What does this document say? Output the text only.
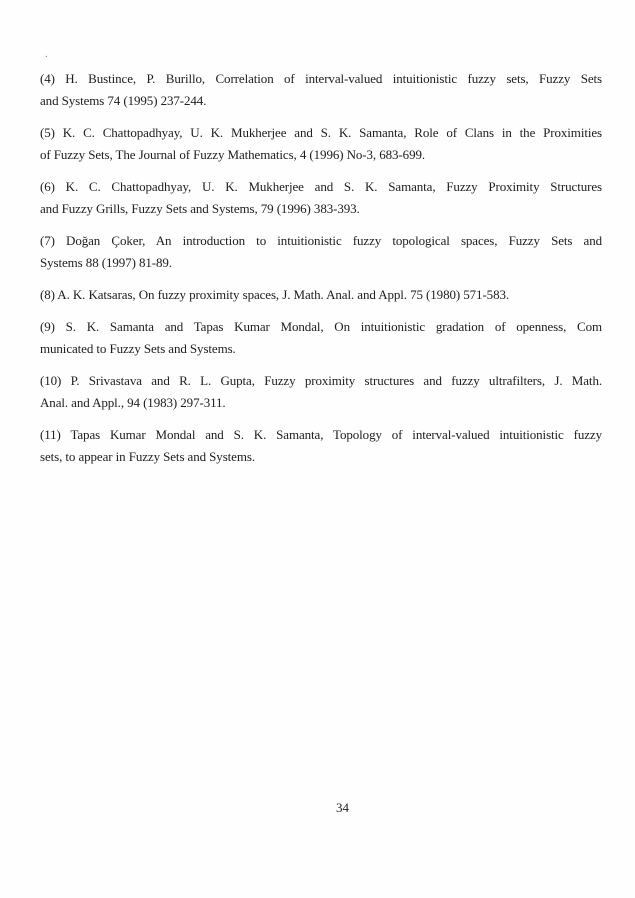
.

(4) H. Bustince, P. Burillo, Correlation of interval-valued intuitionistic fuzzy sets, Fuzzy Sets
and Systems 74 (1995) 237-244.

(5) K. C. Chattopadhyay, U. K. Mukherjee and S. K. Samanta, Role of Clans in the Proximities
of Fuzzy Sets, The Journal of Fuzzy Mathematics, 4 (1996) No-3, 683-699.

(6) K. C. Chattopadhyay, U. K. Mukherjee and S. K. Samanta, Fuzzy Proximity Structures
and Fuzzy Grills, Fuzzy Sets and Systems, 79 (1996) 383-393.

(7) Doğan Çoker, An introduction to intuitionistic fuzzy topological spaces, Fuzzy Sets and
Systems 88 (1997) 81-89.

(8) A. K. Katsaras, On fuzzy proximity spaces, J. Math. Anal. and Appl. 75 (1980) 571-583.

(9) S. K. Samanta and Tapas Kumar Mondal, On intuitionistic gradation of openness, Com
municated to Fuzzy Sets and Systems.

(10) P. Srivastava and R. L. Gupta, Fuzzy proximity structures and fuzzy ultrafilters, J. Math.
Anal. and Appl., 94 (1983) 297-311.

(11) Tapas Kumar Mondal and S. K. Samanta, Topology of interval-valued intuitionistic fuzzy
sets, to appear in Fuzzy Sets and Systems.

34
